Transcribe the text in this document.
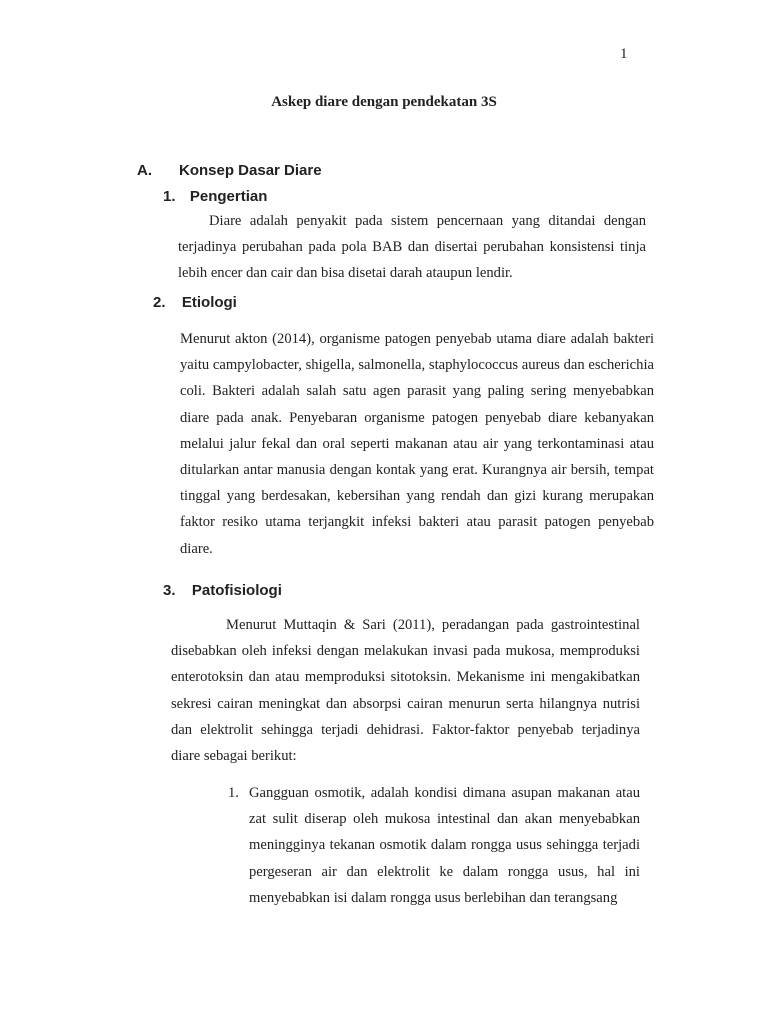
1
Askep diare dengan pendekatan 3S
A. Konsep Dasar Diare
1. Pengertian
Diare adalah penyakit pada sistem pencernaan yang ditandai dengan terjadinya perubahan pada pola BAB dan disertai perubahan konsistensi tinja lebih encer dan cair dan bisa disetai darah ataupun lendir.
2. Etiologi
Menurut akton (2014), organisme patogen penyebab utama diare adalah bakteri yaitu campylobacter, shigella, salmonella, staphylococcus aureus dan escherichia coli. Bakteri adalah salah satu agen parasit yang paling sering menyebabkan diare pada anak. Penyebaran organisme patogen penyebab diare kebanyakan melalui jalur fekal dan oral seperti makanan atau air yang terkontaminasi atau ditularkan antar manusia dengan kontak yang erat. Kurangnya air bersih, tempat tinggal yang berdesakan, kebersihan yang rendah dan gizi kurang merupakan faktor resiko utama terjangkit infeksi bakteri atau parasit patogen penyebab diare.
3. Patofisiologi
Menurut Muttaqin & Sari (2011), peradangan pada gastrointestinal disebabkan oleh infeksi dengan melakukan invasi pada mukosa, memproduksi enterotoksin dan atau memproduksi sitotoksin. Mekanisme ini mengakibatkan sekresi cairan meningkat dan absorpsi cairan menurun serta hilangnya nutrisi dan elektrolit sehingga terjadi dehidrasi. Faktor-faktor penyebab terjadinya diare sebagai berikut:
1. Gangguan osmotik, adalah kondisi dimana asupan makanan atau zat sulit diserap oleh mukosa intestinal dan akan menyebabkan meningginya tekanan osmotik dalam rongga usus sehingga terjadi pergeseran air dan elektrolit ke dalam rongga usus, hal ini menyebabkan isi dalam rongga usus berlebihan dan terangsang
